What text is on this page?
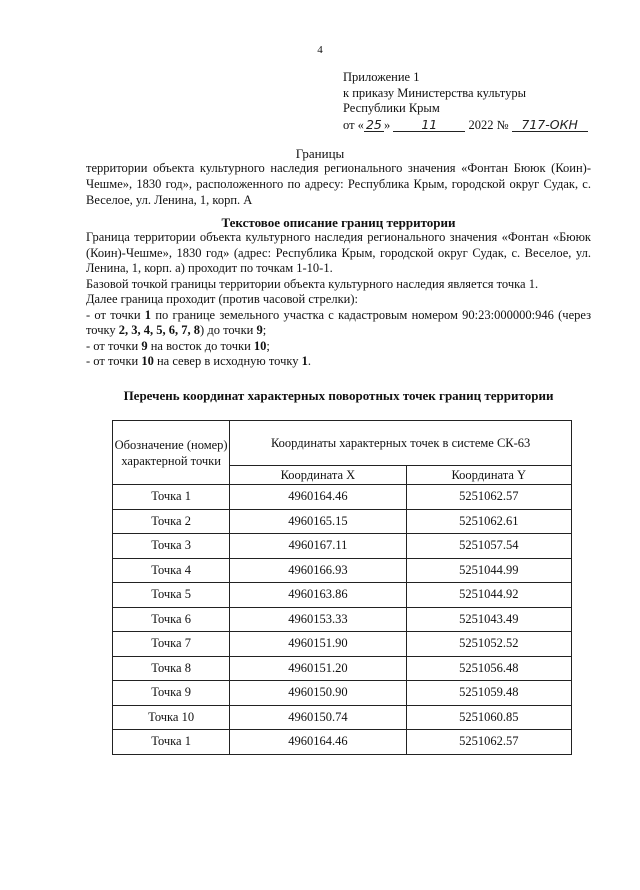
4
Приложение 1
к приказу Министерства культуры
Республики Крым
от « 25 » 11 2022 № 717-ОКН
Границы
территории объекта культурного наследия регионального значения «Фонтан Бююк (Коин)-Чешме», 1830 год», расположенного по адресу: Республика Крым, городской округ Судак, с. Веселое, ул. Ленина, 1, корп. А
Текстовое описание границ территории

Граница территории объекта культурного наследия регионального значения «Фонтан «Бююк (Коин)-Чешме», 1830 год» (адрес: Республика Крым, городской округ Судак, с. Веселое, ул. Ленина, 1, корп. а) проходит по точкам 1-10-1.

Базовой точкой границы территории объекта культурного наследия является точка 1.

Далее граница проходит (против часовой стрелки):

- от точки 1 по границе земельного участка с кадастровым номером 90:23:000000:946 (через точку 2, 3, 4, 5, 6, 7, 8) до точки 9;

- от точки 9 на восток до точки 10;

- от точки 10 на север в исходную точку 1.

Перечень координат характерных поворотных точек границ территории
Обозначение (номер) характерной точки	Координаты характерных точек в системе СК-63	
	Координата X	Координата Y
Точка 1	4960164.46	5251062.57
Точка 2	4960165.15	5251062.61
Точка 3	4960167.11	5251057.54
Точка 4	4960166.93	5251044.99
Точка 5	4960163.86	5251044.92
Точка 6	4960153.33	5251043.49
Точка 7	4960151.90	5251052.52
Точка 8	4960151.20	5251056.48
Точка 9	4960150.90	5251059.48
Точка 10	4960150.74	5251060.85
Точка 1	4960164.46	5251062.57
